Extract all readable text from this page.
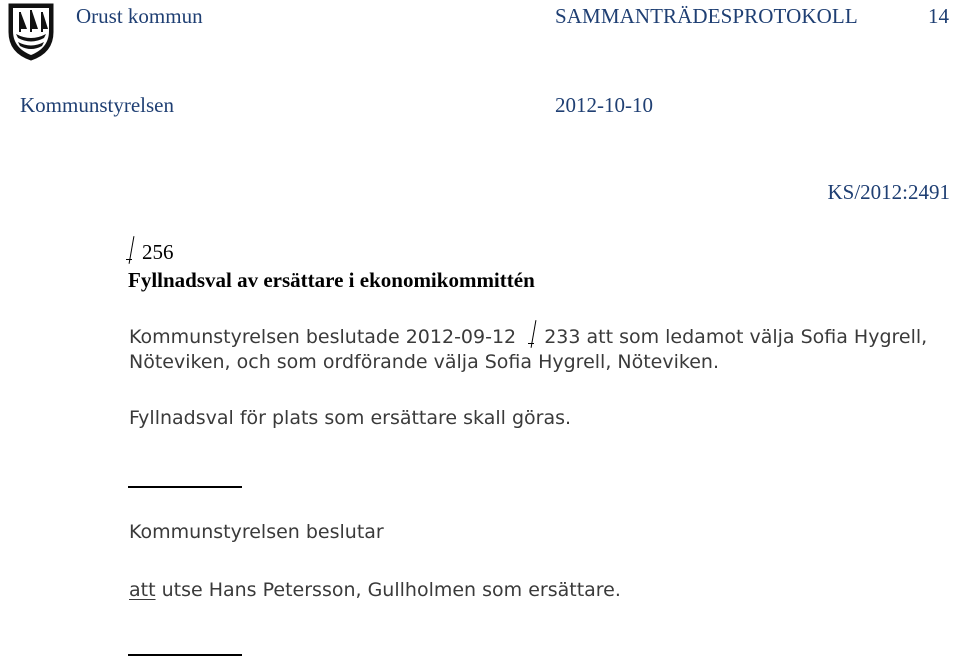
Orust kommun	SAMMANTRÄDESPROTOKOLL	14
Kommunstyrelsen	2012-10-10
KS/2012:2491
256
Fyllnadsval av ersättare i ekonomikommittén
Kommunstyrelsen beslutade 2012-09-12 233 att som ledamot välja Sofia Hygrell,
Nöteviken, och som ordförande välja Sofia Hygrell, Nöteviken.
Fyllnadsval för plats som ersättare skall göras.
Kommunstyrelsen beslutar
att utse Hans Petersson, Gullholmen som ersättare.
